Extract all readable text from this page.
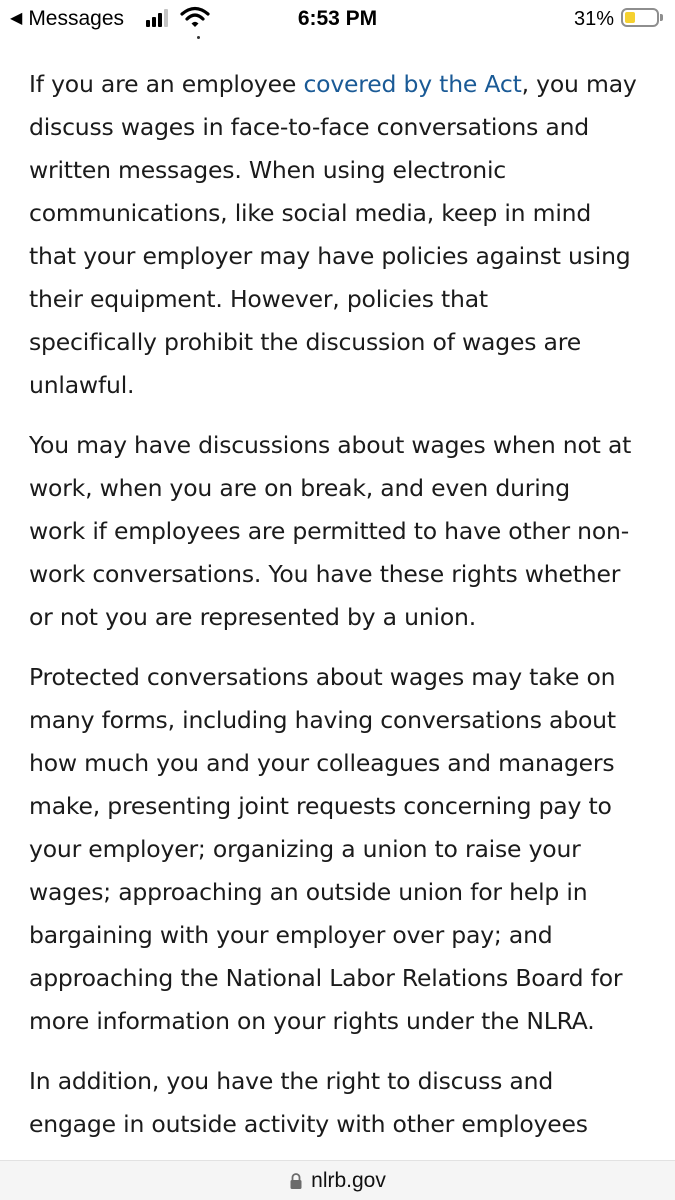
◀ Messages	6:53 PM	31%

If you are an employee covered by the Act, you may
discuss wages in face-to-face conversations and
written messages. When using electronic
communications, like social media, keep in mind
that your employer may have policies against using
their equipment. However, policies that
specifically prohibit the discussion of wages are
unlawful.

You may have discussions about wages when not at
work, when you are on break, and even during
work if employees are permitted to have other non-
work conversations. You have these rights whether
or not you are represented by a union.

Protected conversations about wages may take on
many forms, including having conversations about
how much you and your colleagues and managers
make, presenting joint requests concerning pay to
your employer; organizing a union to raise your
wages; approaching an outside union for help in
bargaining with your employer over pay; and
approaching the National Labor Relations Board for
more information on your rights under the NLRA.

In addition, you have the right to discuss and
engage in outside activity with other employees

nlrb.gov
